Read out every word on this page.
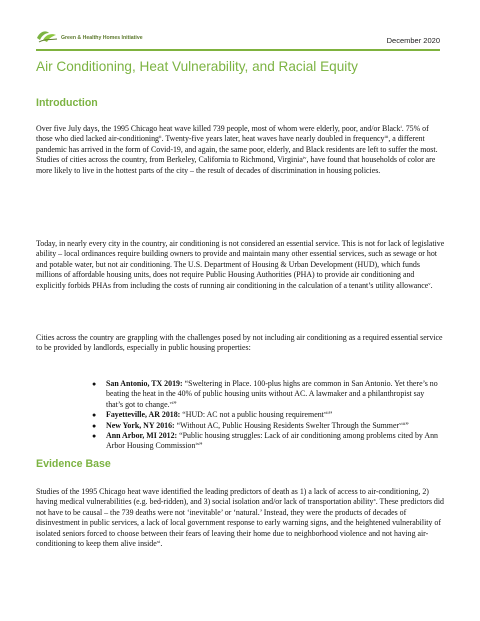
Green & Healthy Homes Initiative	December 2020
Air Conditioning, Heat Vulnerability, and Racial Equity
Introduction

Over five July days, the 1995 Chicago heat wave killed 739 people, most of whom were elderly, poor, and/or Black$^i$. 75% of those who died lacked air-conditioning$^{ii}$. Twenty-five years later, heat waves have nearly doubled in frequency$^{iii}$, a different pandemic has arrived in the form of Covid-19, and again, the same poor, elderly, and Black residents are left to suffer the most. Studies of cities across the country, from Berkeley, California to Richmond, Virginia$^{iv}$, have found that households of color are more likely to live in the hottest parts of the city – the result of decades of discrimination in housing policies.

Today, in nearly every city in the country, air conditioning is not considered an essential service. This is not for lack of legislative ability – local ordinances require building owners to provide and maintain many other essential services, such as sewage or hot and potable water, but not air conditioning. The U.S. Department of Housing & Urban Development (HUD), which funds millions of affordable housing units, does not require Public Housing Authorities (PHA) to provide air conditioning and explicitly forbids PHAs from including the costs of running air conditioning in the calculation of a tenant’s utility allowance$^v$.

Cities across the country are grappling with the challenges posed by not including air conditioning as a required essential service to be provided by landlords, especially in public housing properties:

● San Antonio, TX 2019: “Sweltering in Place. 100-plus highs are common in San Antonio. Yet there’s no beating the heat in the 40% of public housing units without AC. A lawmaker and a philanthropist say that’s got to change.$^{vi}$”
● Fayetteville, AR 2018: “HUD: AC not a public housing requirement$^{vii}$”
● New York, NY 2016: “Without AC, Public Housing Residents Swelter Through the Summer$^{viii}$”
● Ann Arbor, MI 2012: “Public housing struggles: Lack of air conditioning among problems cited by Ann Arbor Housing Commission$^{ix}$”
Evidence Base

Studies of the 1995 Chicago heat wave identified the leading predictors of death as 1) a lack of access to air-conditioning, 2) having medical vulnerabilities (e.g. bed-ridden), and 3) social isolation and/or lack of transportation ability$^x$. These predictors did not have to be causal – the 739 deaths were not ‘inevitable’ or ‘natural.’ Instead, they were the products of decades of disinvestment in public services, a lack of local government response to early warning signs, and the heightened vulnerability of isolated seniors forced to choose between their fears of leaving their home due to neighborhood violence and not having air-conditioning to keep them alive inside$^{xi}$.
